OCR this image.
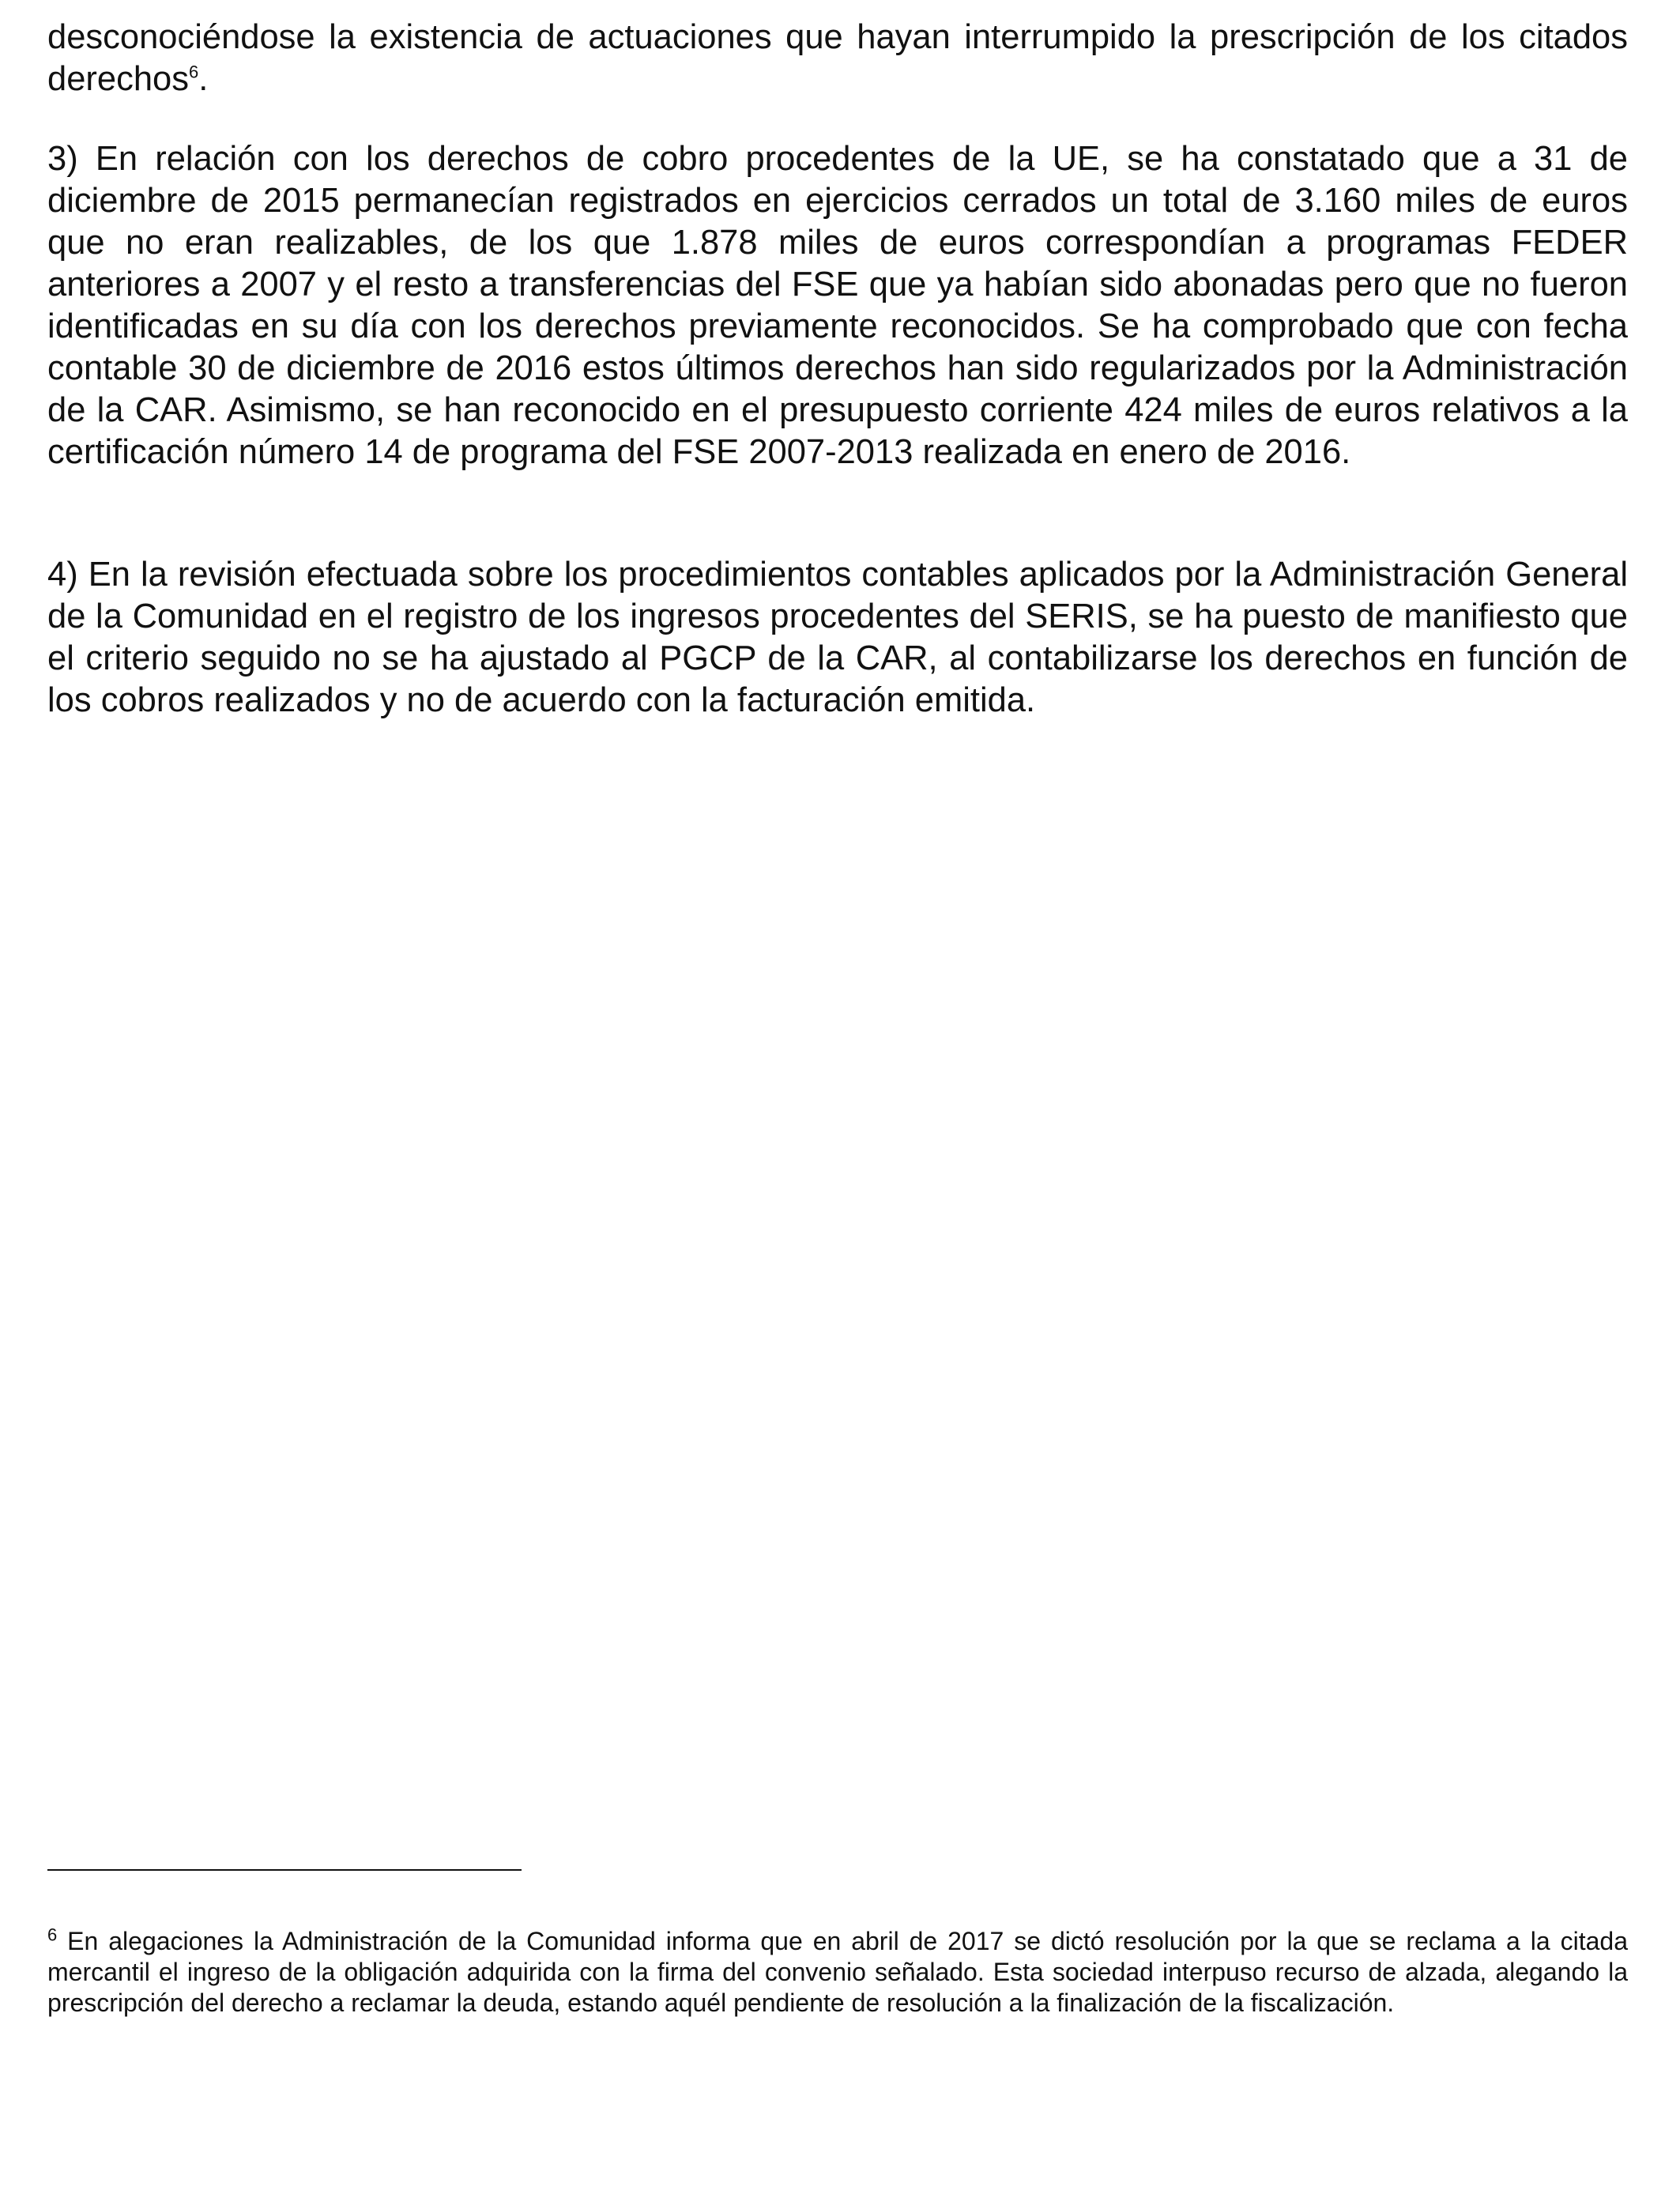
desconociéndose la existencia de actuaciones que hayan interrumpido la prescripción de los citados derechos$^6$.

3) En relación con los derechos de cobro procedentes de la UE, se ha constatado que a 31 de diciembre de 2015 permanecían registrados en ejercicios cerrados un total de 3.160 miles de euros que no eran realizables, de los que 1.878 miles de euros correspondían a programas FEDER anteriores a 2007 y el resto a transferencias del FSE que ya habían sido abonadas pero que no fueron identificadas en su día con los derechos previamente reconocidos. Se ha comprobado que con fecha contable 30 de diciembre de 2016 estos últimos derechos han sido regularizados por la Administración de la CAR. Asimismo, se han reconocido en el presupuesto corriente 424 miles de euros relativos a la certificación número 14 de programa del FSE 2007-2013 realizada en enero de 2016.

4) En la revisión efectuada sobre los procedimientos contables aplicados por la Administración General de la Comunidad en el registro de los ingresos procedentes del SERIS, se ha puesto de manifiesto que el criterio seguido no se ha ajustado al PGCP de la CAR, al contabilizarse los derechos en función de los cobros realizados y no de acuerdo con la facturación emitida.

$^6$ En alegaciones la Administración de la Comunidad informa que en abril de 2017 se dictó resolución por la que se reclama a la citada mercantil el ingreso de la obligación adquirida con la firma del convenio señalado. Esta sociedad interpuso recurso de alzada, alegando la prescripción del derecho a reclamar la deuda, estando aquél pendiente de resolución a la finalización de la fiscalización.
